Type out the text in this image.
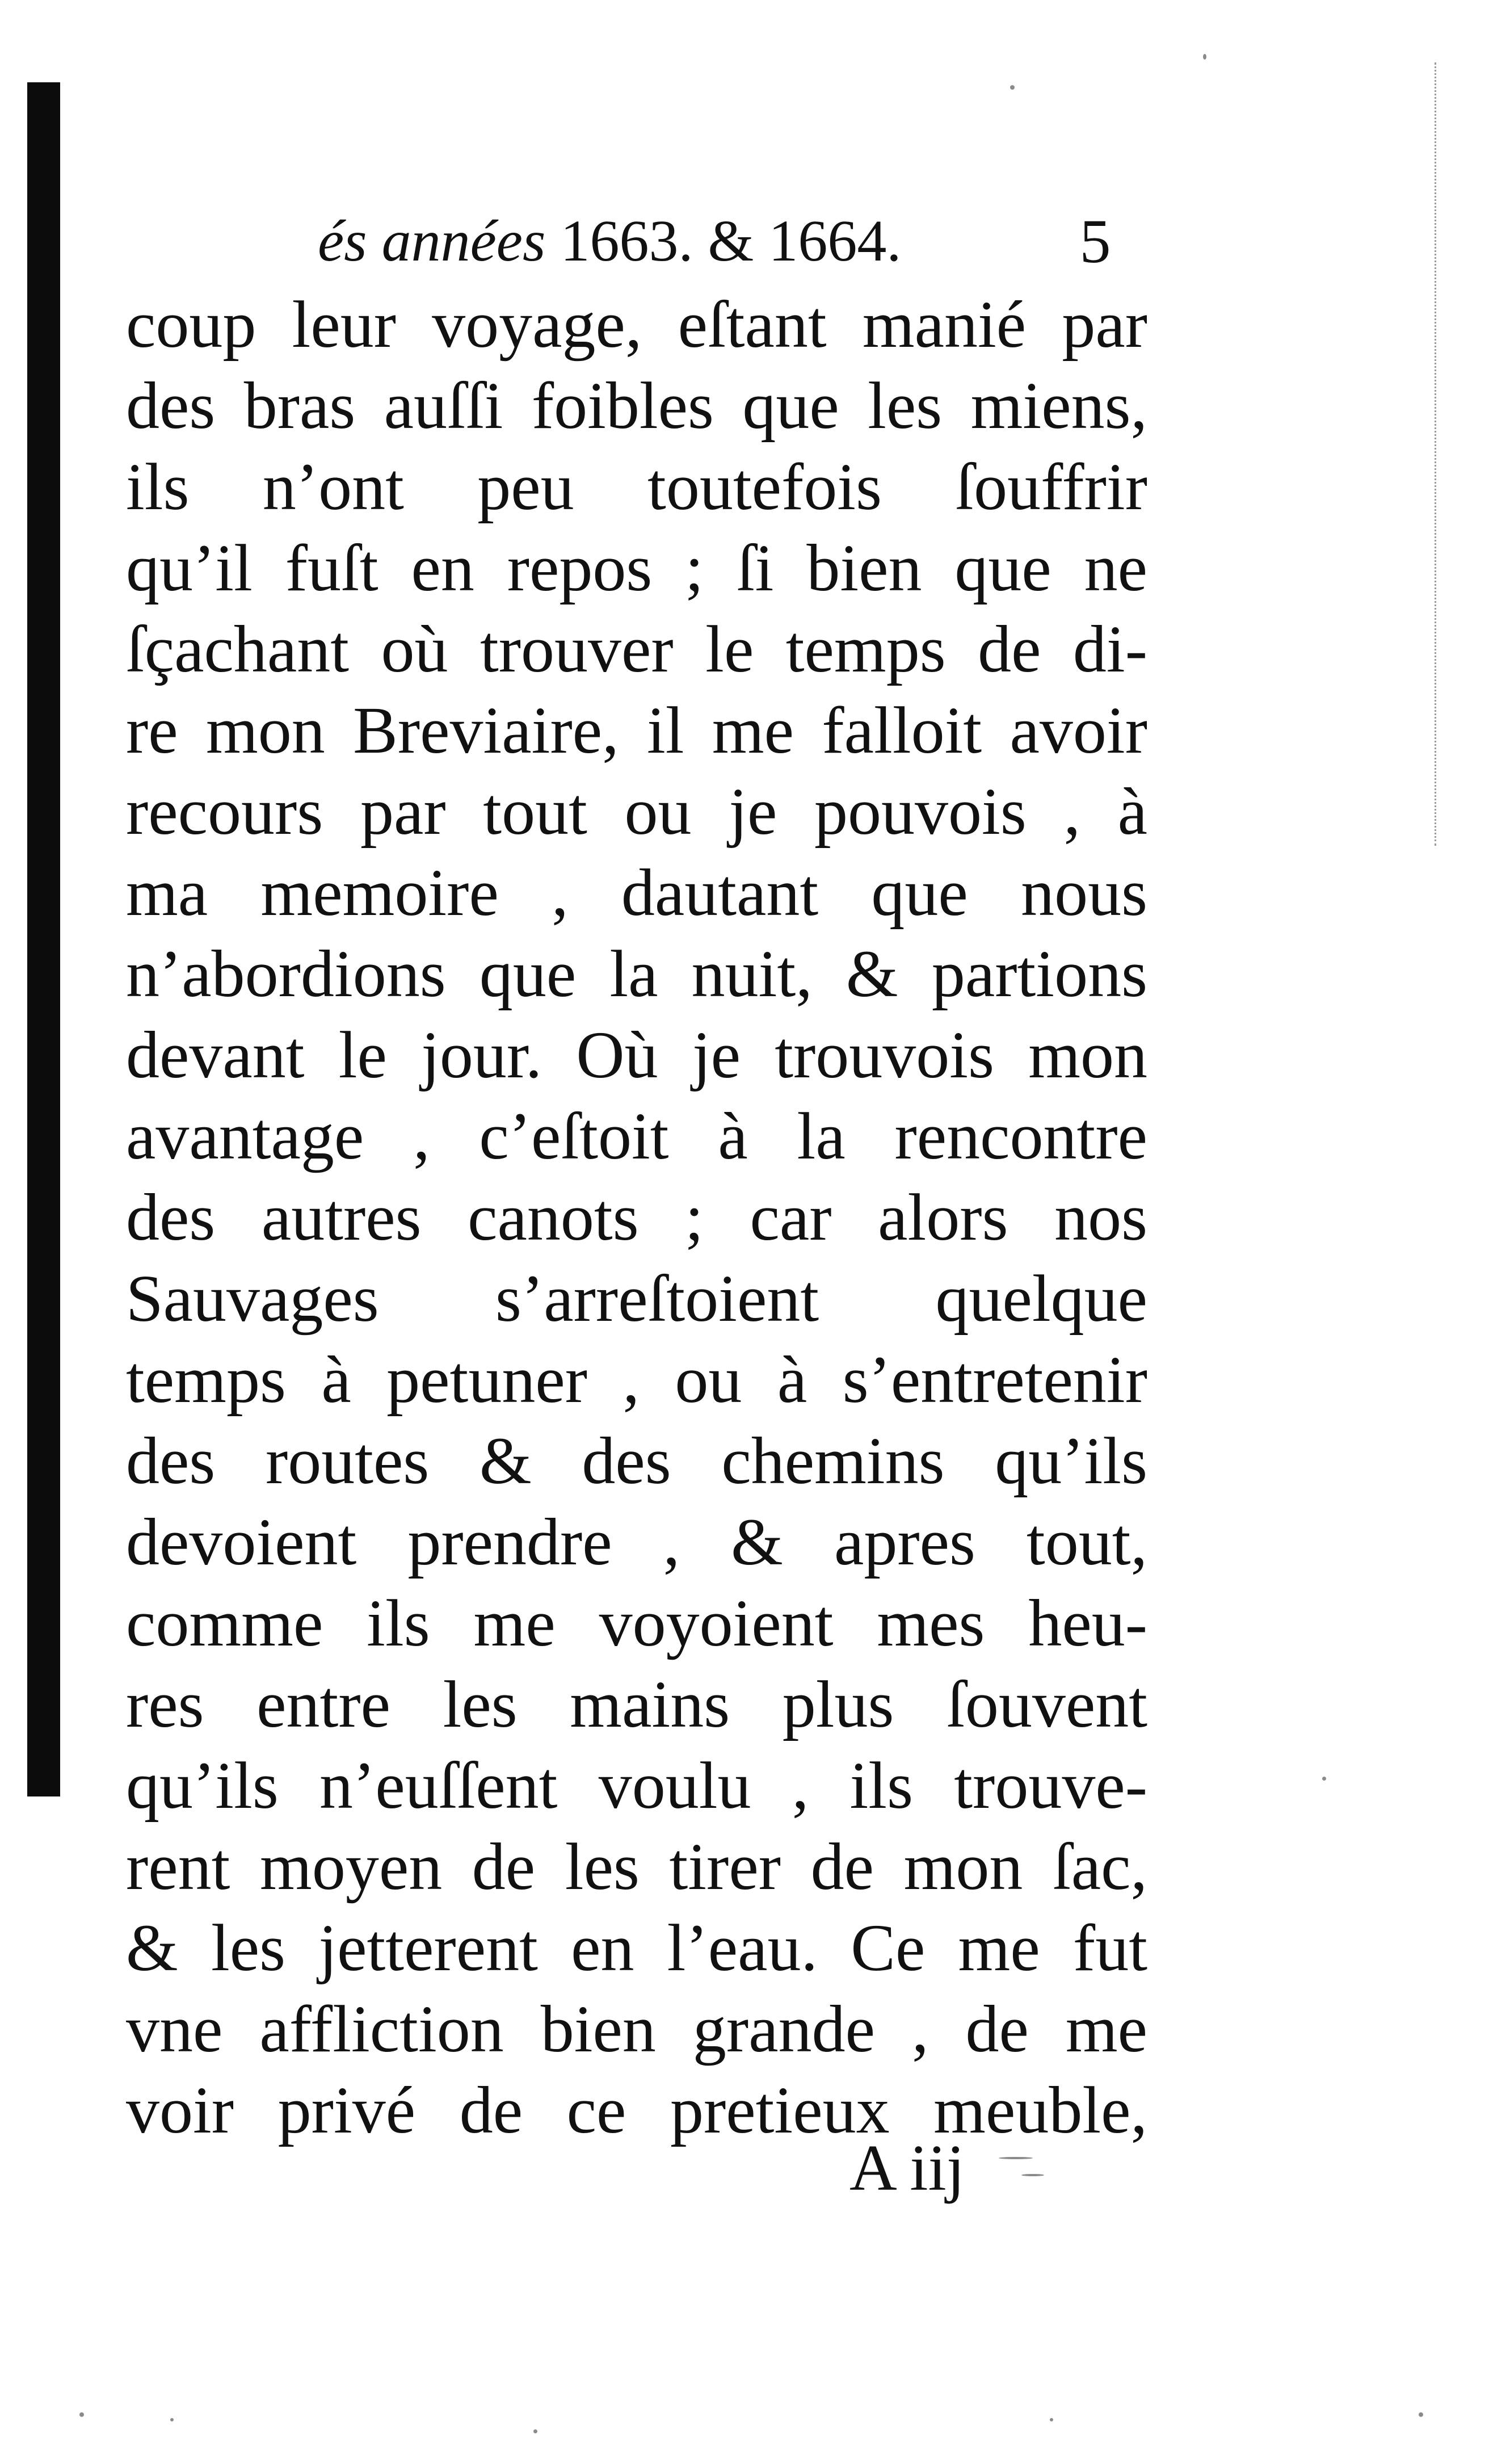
és années 1663. & 1664.	5
coup leur voyage, eſtant manié par
des bras auſſi foibles que les miens,
ils n’ont peu toutefois ſouffrir
qu’il fuſt en repos ; ſi bien que ne
ſçachant où trouver le temps de di-
re mon Breviaire, il me falloit avoir
recours par tout ou je pouvois , à
ma memoire , dautant que nous
n’abordions que la nuit, & partions
devant le jour. Où je trouvois mon
avantage , c’eſtoit à la rencontre
des autres canots ; car alors nos
Sauvages s’arreſtoient quelque
temps à petuner , ou à s’entretenir
des routes & des chemins qu’ils
devoient prendre , & apres tout,
comme ils me voyoient mes heu-
res entre les mains plus ſouvent
qu’ils n’euſſent voulu , ils trouve-
rent moyen de les tirer de mon ſac,
& les jetterent en l’eau. Ce me fut
vne affliction bien grande , de me
voir privé de ce pretieux meuble,
A iij
